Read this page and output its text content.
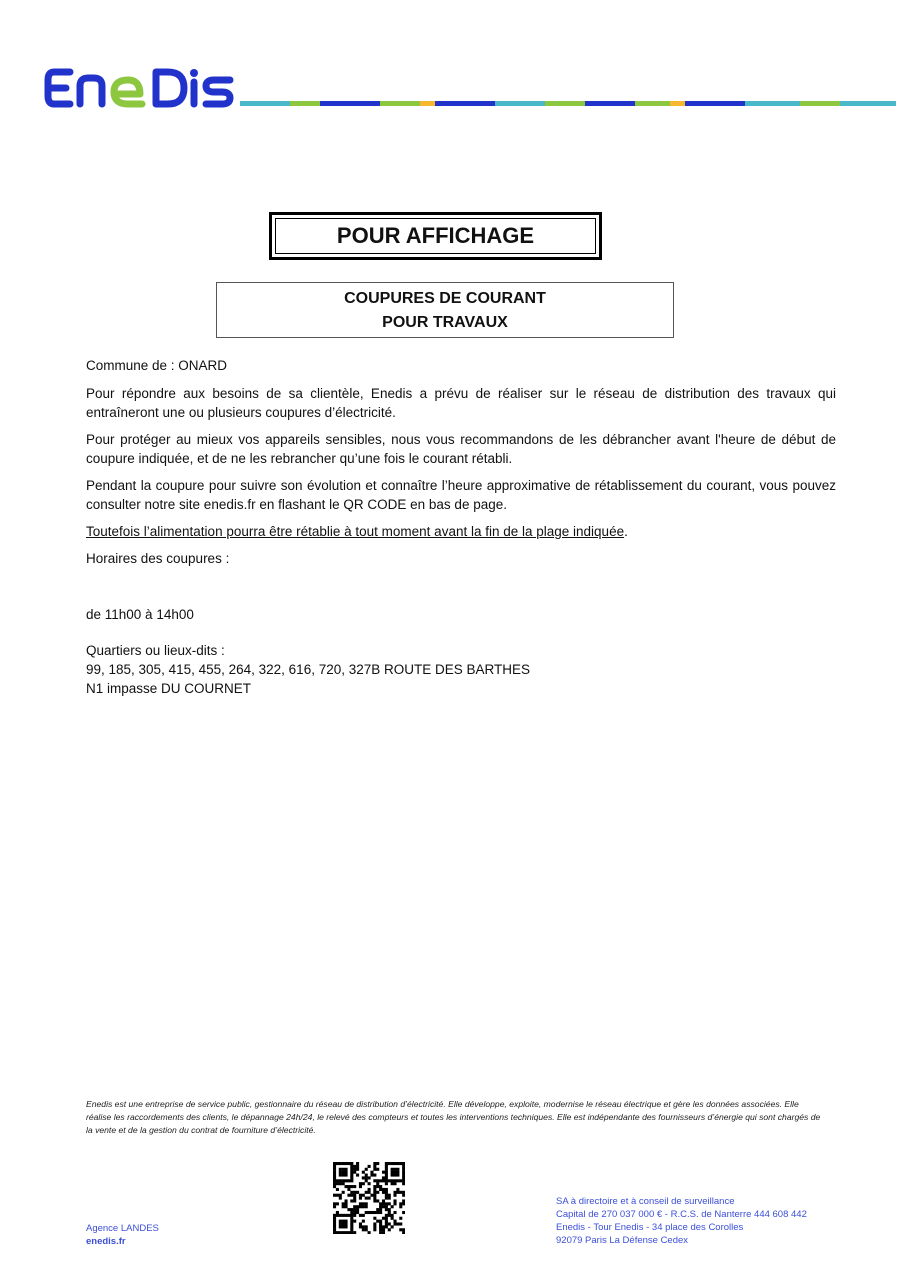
POUR AFFICHAGE
COUPURES DE COURANT
POUR TRAVAUX
Commune de : ONARD
Pour répondre aux besoins de sa clientèle, Enedis a prévu de réaliser sur le réseau de distribution des travaux qui entraîneront une ou plusieurs coupures d’électricité.
Pour protéger au mieux vos appareils sensibles, nous vous recommandons de les débrancher avant l'heure de début de coupure indiquée, et de ne les rebrancher qu’une fois le courant rétabli.
Pendant la coupure pour suivre son évolution et connaître l’heure approximative de rétablissement du courant, vous pouvez consulter notre site enedis.fr en flashant le QR CODE en bas de page.
Toutefois l’alimentation pourra être rétablie à tout moment avant la fin de la plage indiquée.
Horaires des coupures :
de 11h00 à 14h00
Quartiers ou lieux-dits :
99, 185, 305, 415, 455, 264, 322, 616, 720, 327B ROUTE DES BARTHES
N1 impasse DU COURNET
Enedis est une entreprise de service public, gestionnaire du réseau de distribution d’électricité. Elle développe, exploite, modernise le réseau électrique et gère les données associées. Elle réalise les raccordements des clients, le dépannage 24h/24, le relevé des compteurs et toutes les interventions techniques. Elle est indépendante des fournisseurs d’énergie qui sont chargés de la vente et de la gestion du contrat de fourniture d’électricité.
Agence LANDES
enedis.fr
SA à directoire et à conseil de surveillance
Capital de 270 037 000 € - R.C.S. de Nanterre 444 608 442
Enedis - Tour Enedis - 34 place des Corolles
92079 Paris La Défense Cedex
